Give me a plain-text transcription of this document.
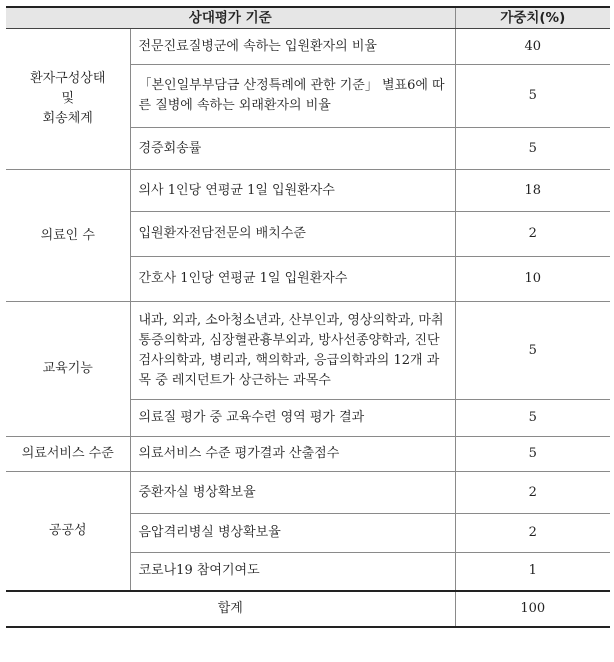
상대평가 기준		가중치(%)

환자구성상태
및
회송체계	전문진료질병군에 속하는 입원환자의 비율	40
	「본인일부부담금 산정특례에 관한 기준」 별표6에 따른 질병에 속하는 외래환자의 비율	5
	경증회송률	5

의료인 수	의사 1인당 연평균 1일 입원환자수	18
	입원환자전담전문의 배치수준	2
	간호사 1인당 연평균 1일 입원환자수	10

교육기능	내과, 외과, 소아청소년과, 산부인과, 영상의학과, 마취통증의학과, 심장혈관흉부외과, 방사선종양학과, 진단검사의학과, 병리과, 핵의학과, 응급의학과의 12개 과목 중 레지던트가 상근하는 과목수	5
	의료질 평가 중 교육수련 영역 평가 결과	5

의료서비스 수준	의료서비스 수준 평가결과 산출점수	5

공공성	중환자실 병상확보율	2
	음압격리병실 병상확보율	2
	코로나19 참여기여도	1
합계		100
